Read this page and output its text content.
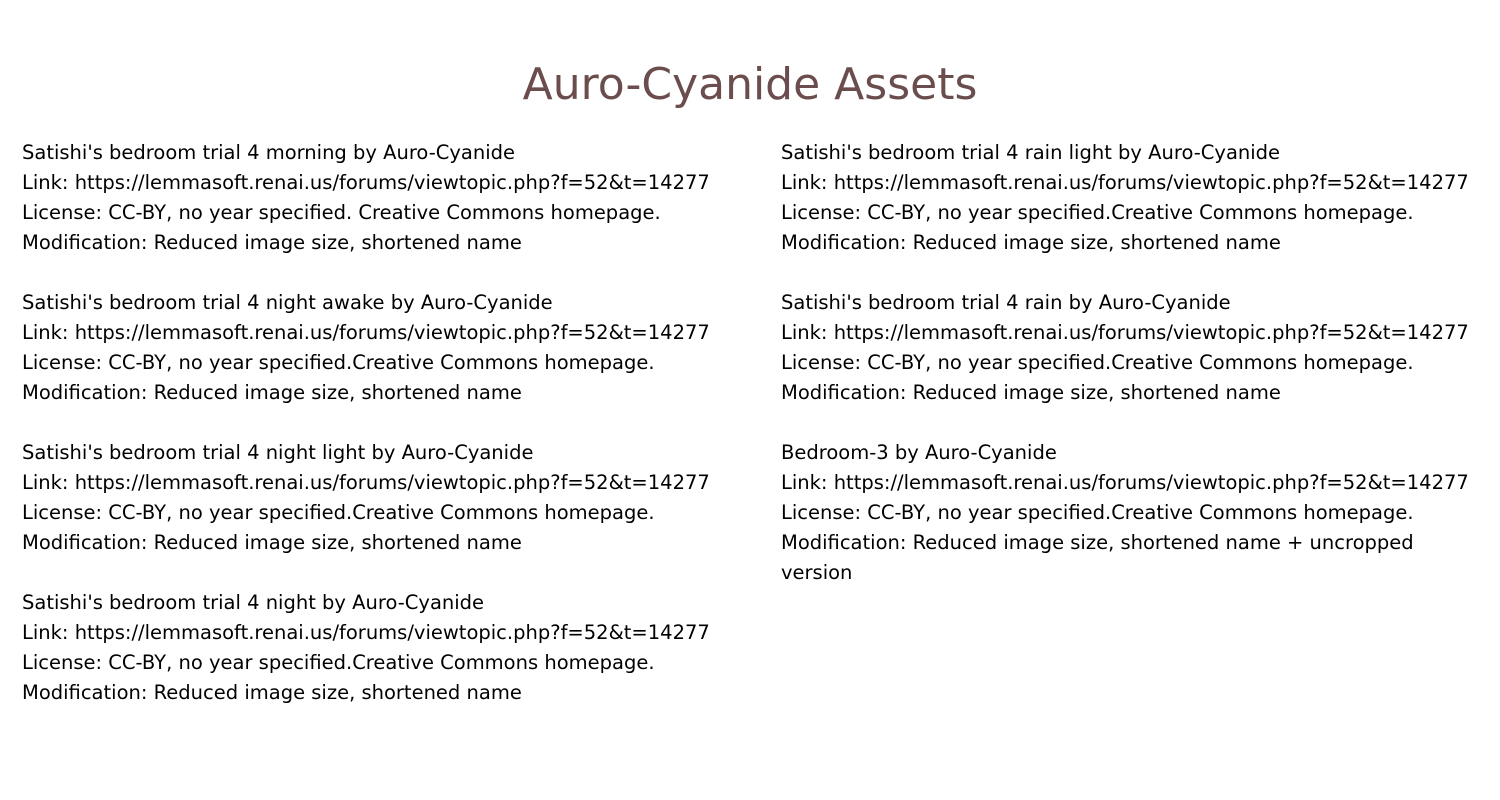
Auro-Cyanide Assets
Satishi's bedroom trial 4 morning by Auro-Cyanide
Link: https://lemmasoft.renai.us/forums/viewtopic.php?f=52&t=14277
License: CC-BY, no year specified. Creative Commons homepage.
Modification: Reduced image size, shortened name
Satishi's bedroom trial 4 night awake by Auro-Cyanide
Link: https://lemmasoft.renai.us/forums/viewtopic.php?f=52&t=14277
License: CC-BY, no year specified.Creative Commons homepage.
Modification: Reduced image size, shortened name
Satishi's bedroom trial 4 night light by Auro-Cyanide
Link: https://lemmasoft.renai.us/forums/viewtopic.php?f=52&t=14277
License: CC-BY, no year specified.Creative Commons homepage.
Modification: Reduced image size, shortened name
Satishi's bedroom trial 4 night by Auro-Cyanide
Link: https://lemmasoft.renai.us/forums/viewtopic.php?f=52&t=14277
License: CC-BY, no year specified.Creative Commons homepage.
Modification: Reduced image size, shortened name
Satishi's bedroom trial 4 rain light by Auro-Cyanide
Link: https://lemmasoft.renai.us/forums/viewtopic.php?f=52&t=14277
License: CC-BY, no year specified.Creative Commons homepage.
Modification: Reduced image size, shortened name
Satishi's bedroom trial 4 rain by Auro-Cyanide
Link: https://lemmasoft.renai.us/forums/viewtopic.php?f=52&t=14277
License: CC-BY, no year specified.Creative Commons homepage.
Modification: Reduced image size, shortened name
Bedroom-3 by Auro-Cyanide
Link: https://lemmasoft.renai.us/forums/viewtopic.php?f=52&t=14277
License: CC-BY, no year specified.Creative Commons homepage.
Modification: Reduced image size, shortened name + uncropped version
